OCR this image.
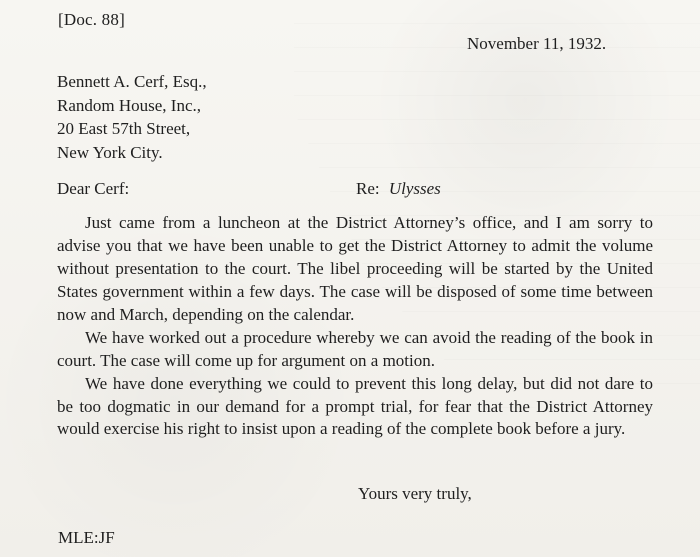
[Doc. 88]
November 11, 1932.
Bennett A. Cerf, Esq.,
Random House, Inc.,
20 East 57th Street,
New York City.
Dear Cerf:	Re: Ulysses

Just came from a luncheon at the District Attorney’s office, and I am sorry to advise you that we have been unable to get the District Attorney to admit the volume without presentation to the court. The libel proceeding will be started by the United States government within a few days. The case will be disposed of some time between now and March, depending on the calendar.

We have worked out a procedure whereby we can avoid the reading of the book in court. The case will come up for argument on a motion.

We have done everything we could to prevent this long delay, but did not dare to be too dogmatic in our demand for a prompt trial, for fear that the District Attorney would exercise his right to insist upon a reading of the complete book before a jury.

Yours very truly,
MLE:JF
